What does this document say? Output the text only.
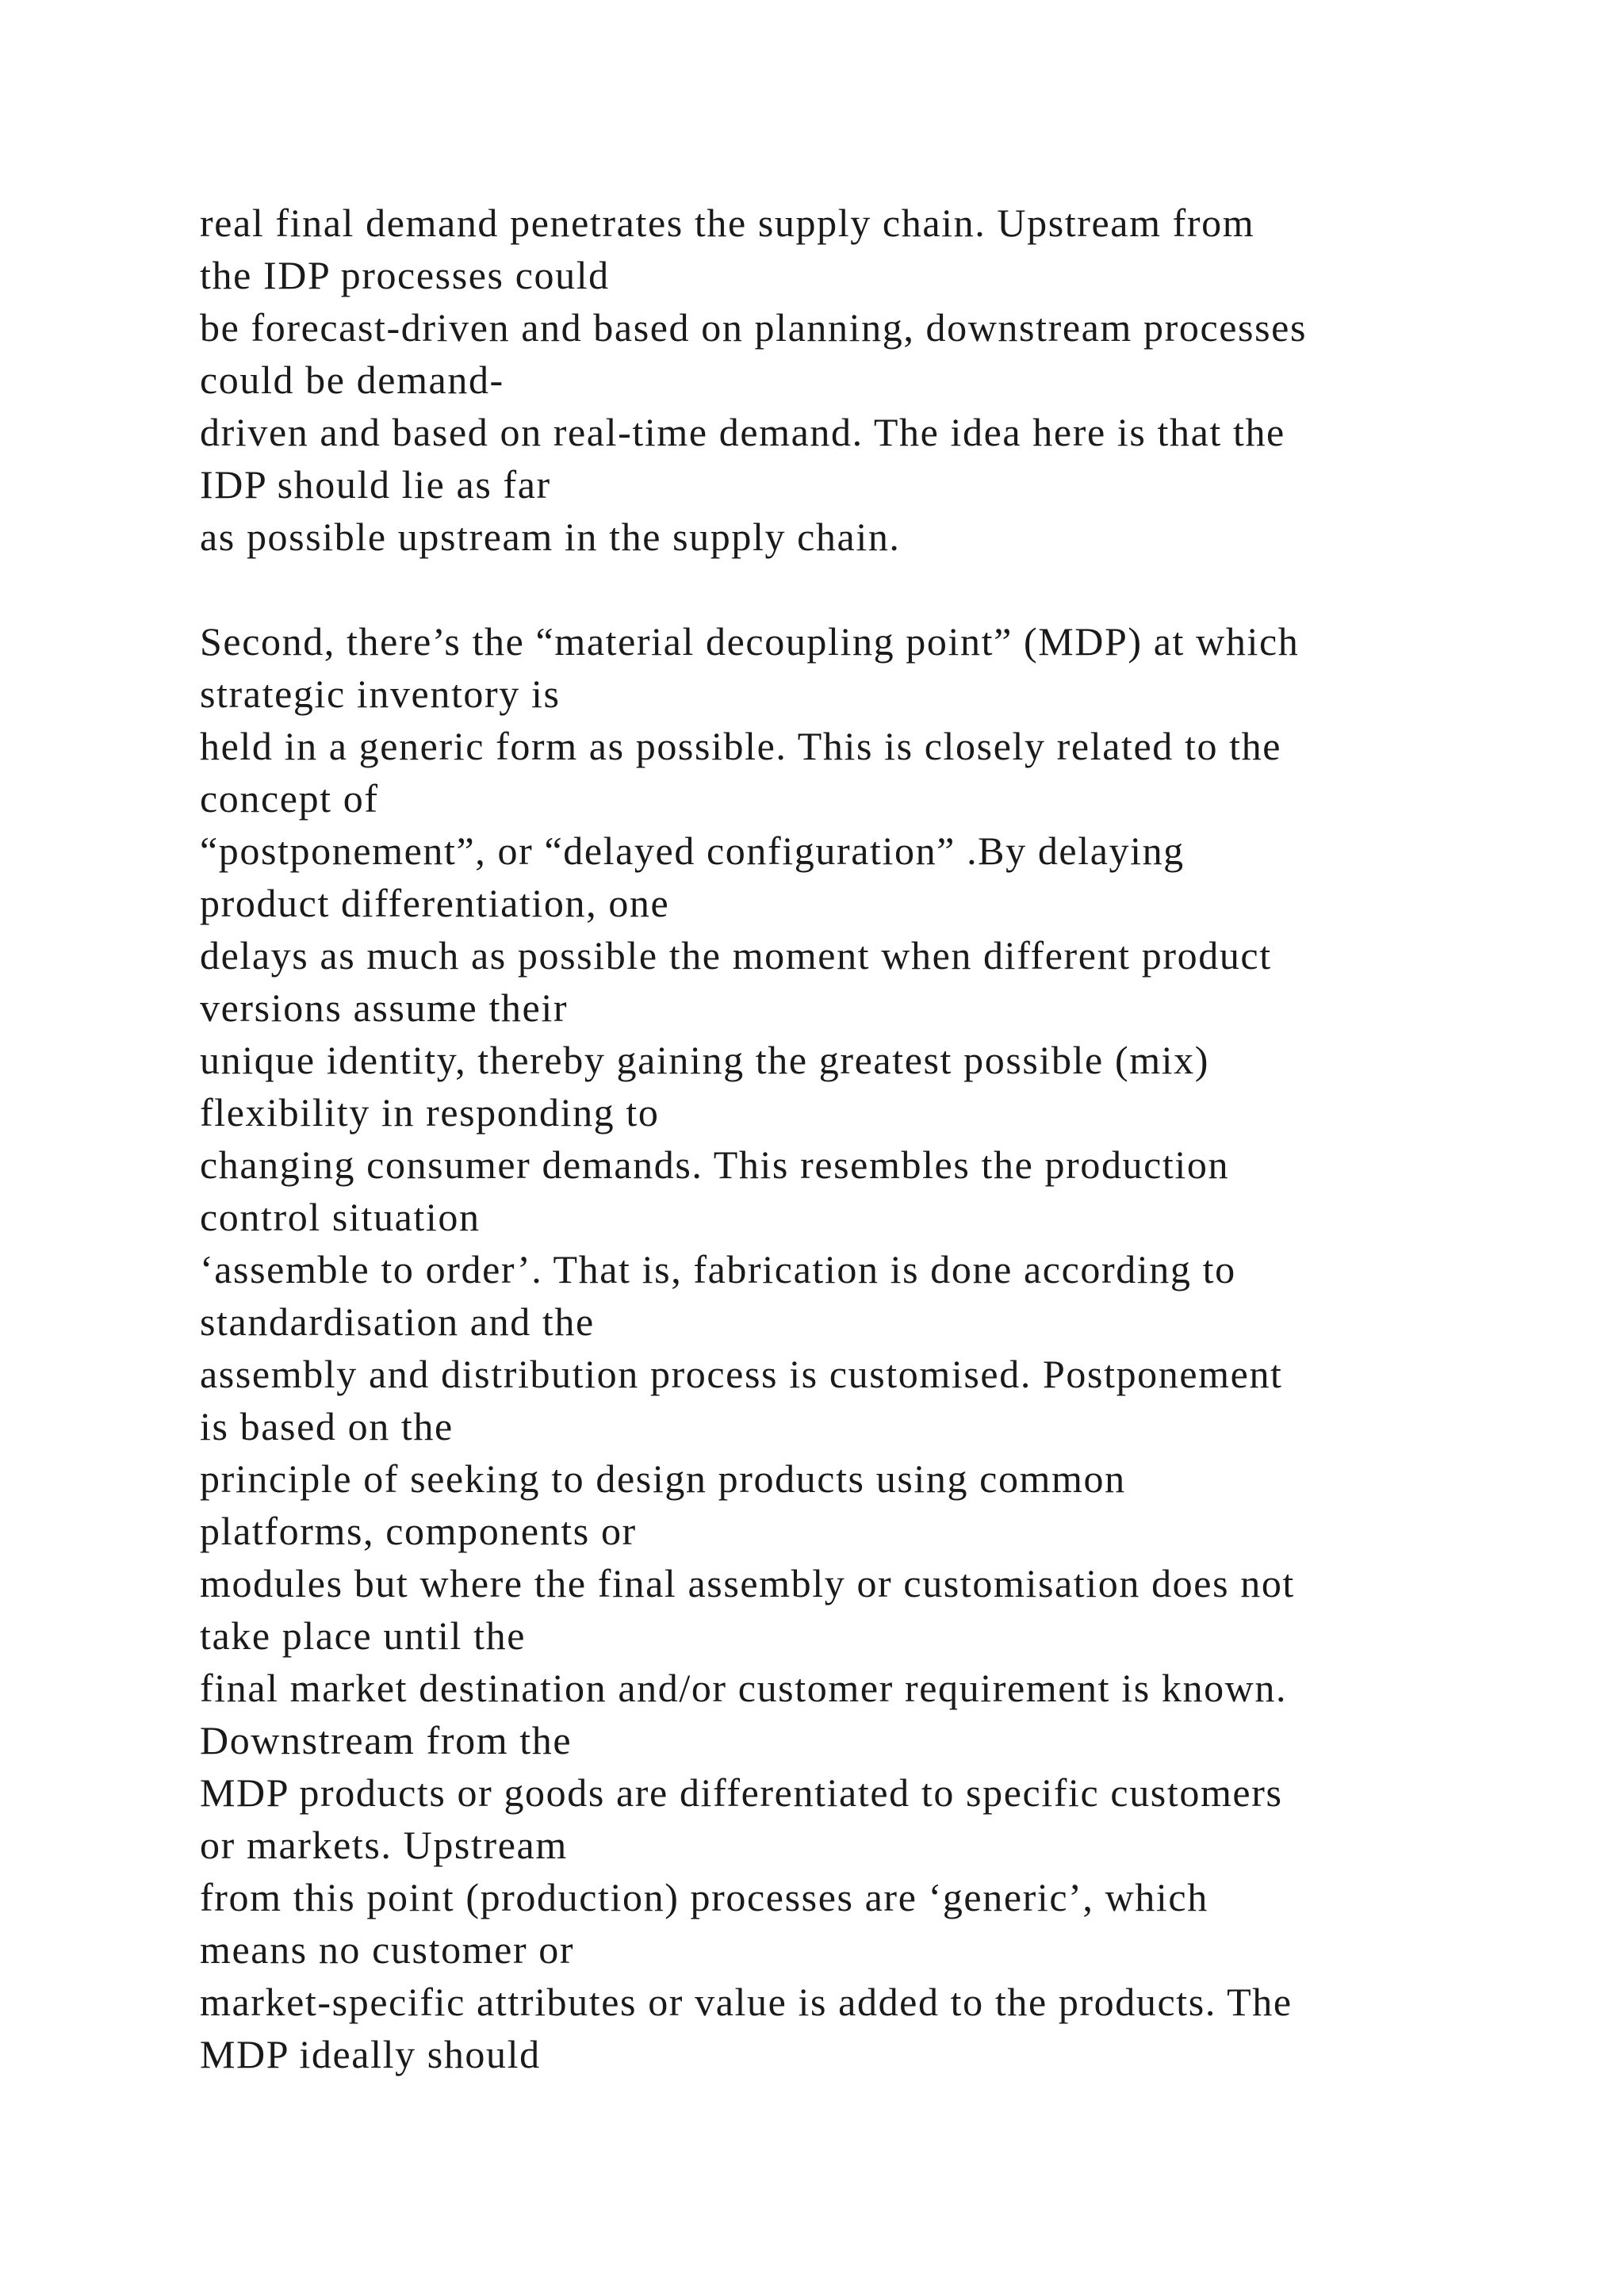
real final demand penetrates the supply chain. Upstream from
the IDP processes could
be forecast-driven and based on planning, downstream processes
could be demand-
driven and based on real-time demand. The idea here is that the
IDP should lie as far
as possible upstream in the supply chain.
Second, there’s the “material decoupling point” (MDP) at which
strategic inventory is
held in a generic form as possible. This is closely related to the
concept of
“postponement”, or “delayed configuration” .By delaying
product differentiation, one
delays as much as possible the moment when different product
versions assume their
unique identity, thereby gaining the greatest possible (mix)
flexibility in responding to
changing consumer demands. This resembles the production
control situation
‘assemble to order’. That is, fabrication is done according to
standardisation and the
assembly and distribution process is customised. Postponement
is based on the
principle of seeking to design products using common
platforms, components or
modules but where the final assembly or customisation does not
take place until the
final market destination and/or customer requirement is known.
Downstream from the
MDP products or goods are differentiated to specific customers
or markets. Upstream
from this point (production) processes are ‘generic’, which
means no customer or
market-specific attributes or value is added to the products. The
MDP ideally should
